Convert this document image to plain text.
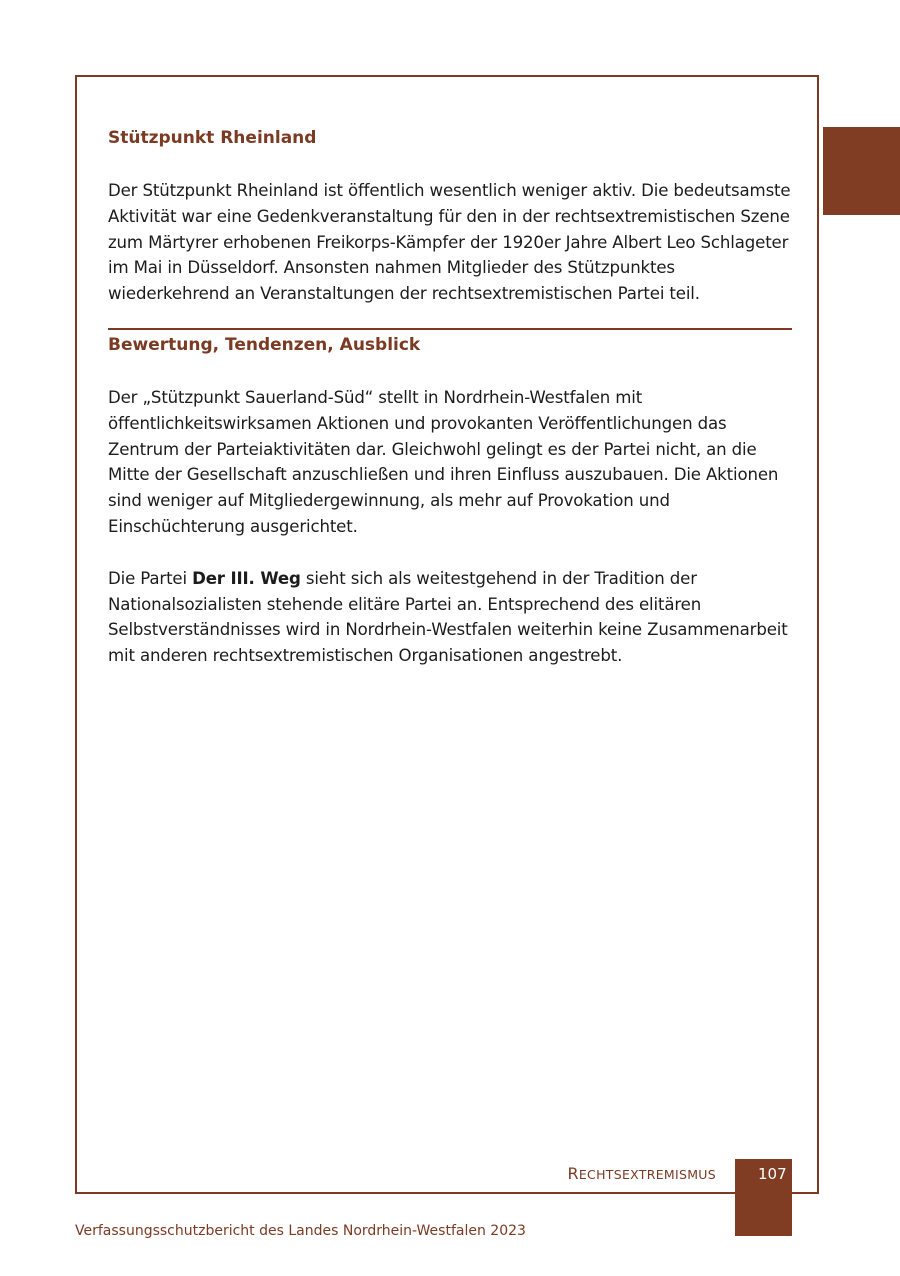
Stützpunkt Rheinland

Der Stützpunkt Rheinland ist öffentlich wesentlich weniger aktiv. Die bedeutsamste Aktivität war eine Gedenkveranstaltung für den in der rechtsextremistischen Szene zum Märtyrer erhobenen Freikorps-Kämpfer der 1920er Jahre Albert Leo Schlageter im Mai in Düsseldorf. Ansonsten nahmen Mitglieder des Stützpunktes wiederkehrend an Veranstaltungen der rechtsextremistischen Partei teil.

Bewertung, Tendenzen, Ausblick

Der „Stützpunkt Sauerland-Süd“ stellt in Nordrhein-Westfalen mit öffentlichkeitswirksamen Aktionen und provokanten Veröffentlichungen das Zentrum der Parteiaktivitäten dar. Gleichwohl gelingt es der Partei nicht, an die Mitte der Gesellschaft anzuschließen und ihren Einfluss auszubauen. Die Aktionen sind weniger auf Mitgliedergewinnung, als mehr auf Provokation und Einschüchterung ausgerichtet.

Die Partei Der III. Weg sieht sich als weitestgehend in der Tradition der Nationalsozialisten stehende elitäre Partei an. Entsprechend des elitären Selbstverständnisses wird in Nordrhein-Westfalen weiterhin keine Zusammenarbeit mit anderen rechtsextremistischen Organisationen angestrebt.

RECHTSEXTREMISMUS	107
Verfassungsschutzbericht des Landes Nordrhein-Westfalen 2023
